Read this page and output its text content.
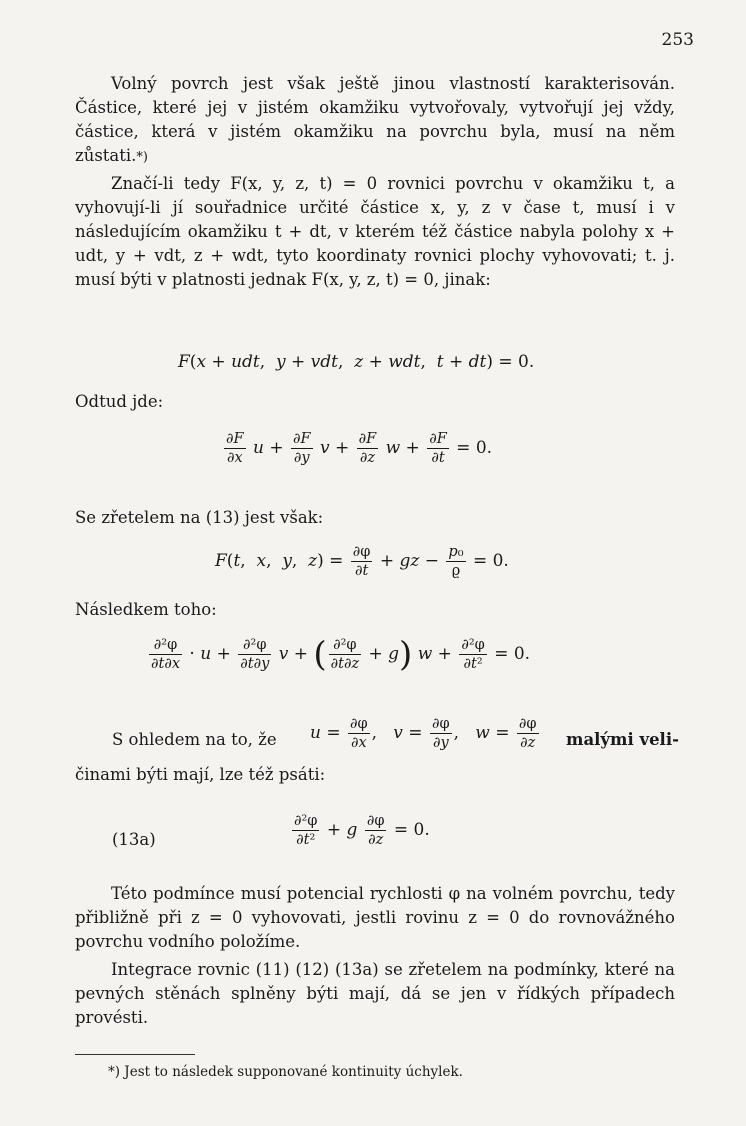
253

Volný povrch jest však ještě jinou vlastností karakterisován. Částice, které jej v jistém okamžiku vytvořovaly, vytvořují jej vždy, částice, která v jistém okamžiku na povrchu byla, musí na něm zůstati.*)

Značí-li tedy F(x, y, z, t) = 0 rovnici povrchu v okamžiku t, a vyhovují-li jí souřadnice určité částice x, y, z v čase t, musí i v následujícím okamžiku t + dt, v kterém též částice nabyla polohy x + udt, y + vdt, z + wdt, tyto koordinaty rovnici plochy vyhovovati; t. j. musí býti v platnosti jednak F(x, y, z, t) = 0, jinak:

F(x + udt,  y + vdt,  z + wdt,  t + dt) = 0.
Odtud jde:
$\frac{\partial F}{\partial x}$ $u + \frac{\partial F}{\partial y}$ $v + \frac{\partial F}{\partial z}$ $w + \frac{\partial F}{\partial t} = 0$.
Se zřetelem na (13) jest však:
F(t,  x,  y,  $z) = \frac{\partial\varphi}{\partial t}$ + gz − $\frac{\text{p₀}}{ϱ} = 0$.
Následkem toho:
$\frac{\text{∂²φ}}{\partial t\partial x} \cdot u + \frac{\text{∂²φ}}{\partial t\partial y}$ v + ( $\frac{\text{∂²φ}}{\partial t\partial z} + g$) $w + \frac{\text{∂²φ}}{\text{∂t²}} = 0$.
S ohledem na to, že $u = \frac{\partial\varphi}{\partial x}$ ,   $v = \frac{\partial\varphi}{\partial y}$ ,   $w = \frac{\partial\varphi}{\partial z}$ malými veli-
činami býti mají, lze též psáti:
(13a)	$\frac{\text{∂²φ}}{\text{∂t²}} + g \frac{\partial\varphi}{\partial z} = 0$.

Této podmínce musí potencial rychlosti φ na volném povrchu, tedy přibližně při z = 0 vyhovovati, jestli rovinu z = 0 do rovnovážného povrchu vodního položíme.

Integrace rovnic (11) (12) (13a) se zřetelem na podmínky, které na pevných stěnách splněny býti mají, dá se jen v řídkých případech provésti.

*) Jest to následek supponované kontinuity úchylek.
